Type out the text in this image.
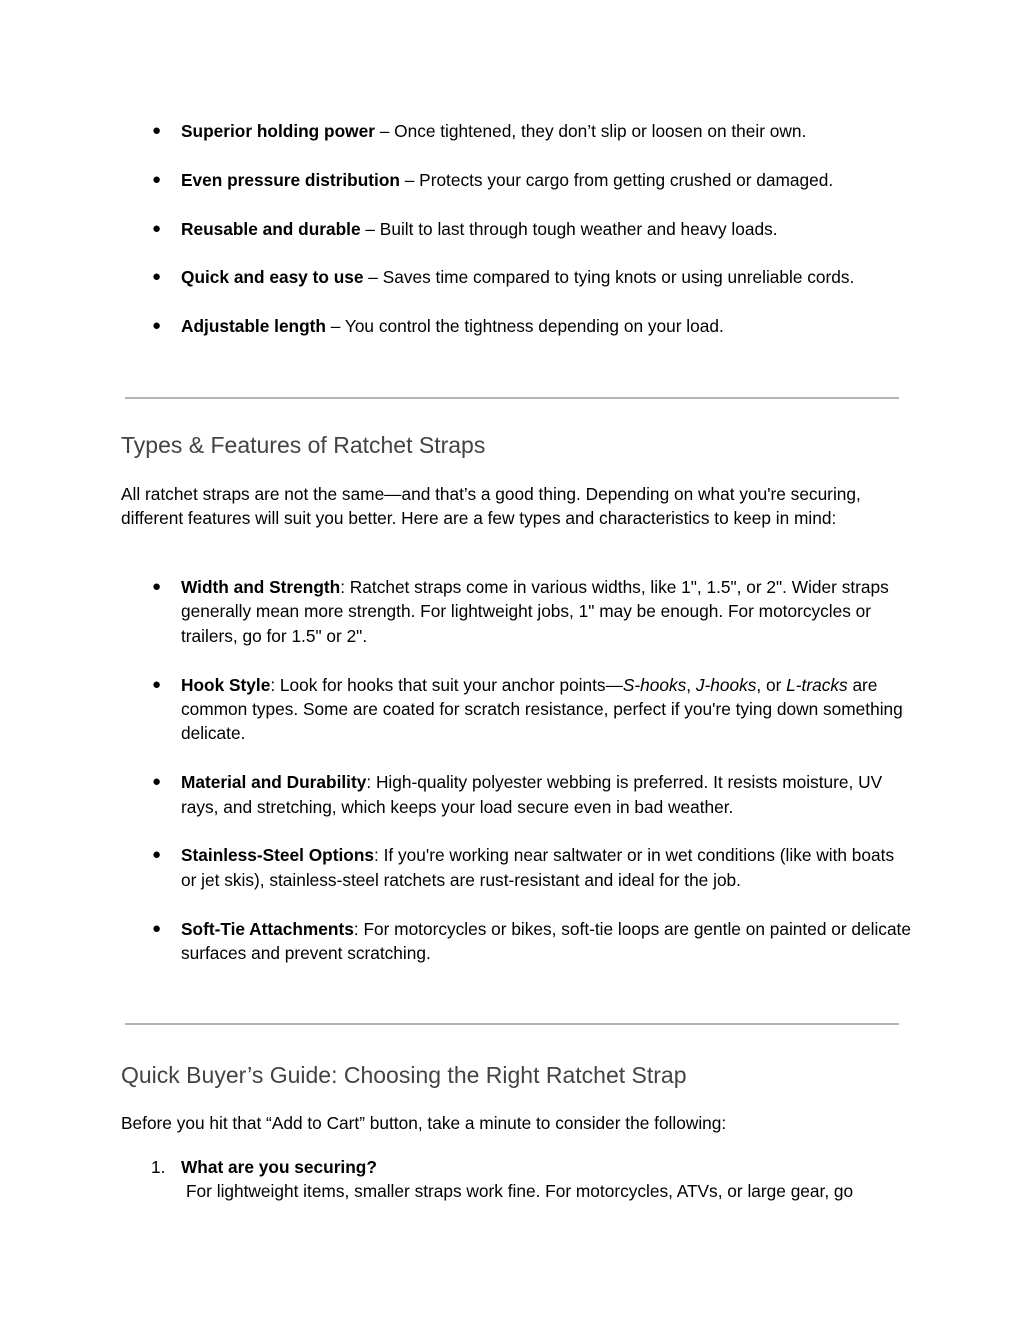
● Superior holding power – Once tightened, they don’t slip or loosen on their own.
● Even pressure distribution – Protects your cargo from getting crushed or damaged.
● Reusable and durable – Built to last through tough weather and heavy loads.
● Quick and easy to use – Saves time compared to tying knots or using unreliable cords.
● Adjustable length – You control the tightness depending on your load.
Types & Features of Ratchet Straps

All ratchet straps are not the same—and that’s a good thing. Depending on what you're securing, different features will suit you better. Here are a few types and characteristics to keep in mind:

● Width and Strength: Ratchet straps come in various widths, like 1", 1.5", or 2". Wider straps generally mean more strength. For lightweight jobs, 1" may be enough. For motorcycles or trailers, go for 1.5" or 2".
● Hook Style: Look for hooks that suit your anchor points—S-hooks, J-hooks, or L-tracks are common types. Some are coated for scratch resistance, perfect if you're tying down something delicate.
● Material and Durability: High-quality polyester webbing is preferred. It resists moisture, UV rays, and stretching, which keeps your load secure even in bad weather.
● Stainless-Steel Options: If you're working near saltwater or in wet conditions (like with boats or jet skis), stainless-steel ratchets are rust-resistant and ideal for the job.
● Soft-Tie Attachments: For motorcycles or bikes, soft-tie loops are gentle on painted or delicate surfaces and prevent scratching.
Quick Buyer’s Guide: Choosing the Right Ratchet Strap

Before you hit that “Add to Cart” button, take a minute to consider the following:

1. What are you securing?
For lightweight items, smaller straps work fine. For motorcycles, ATVs, or large gear, go
